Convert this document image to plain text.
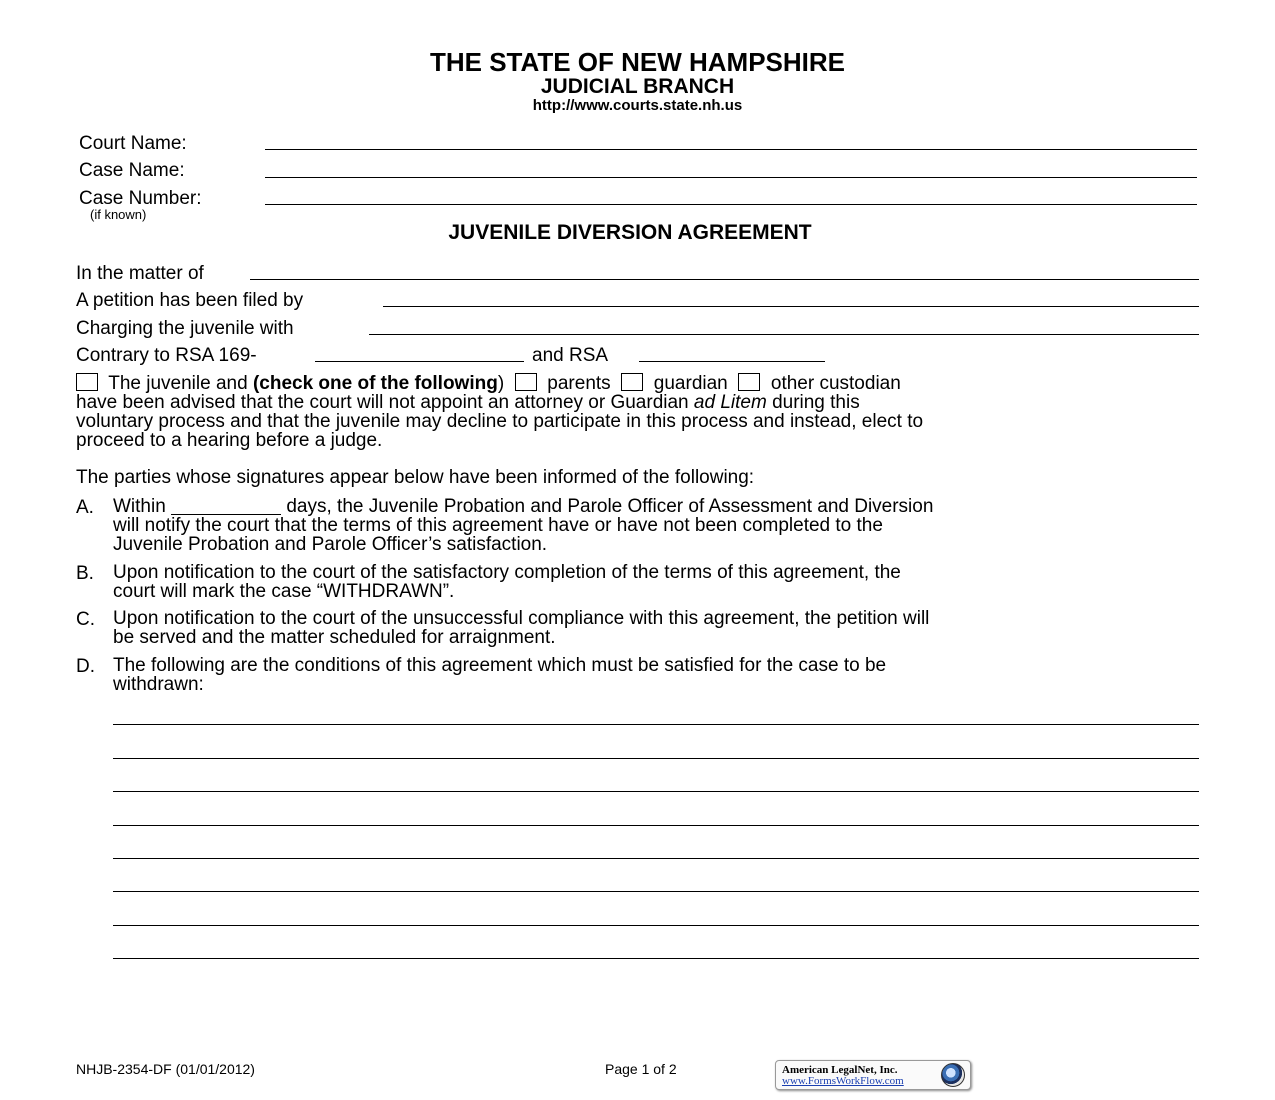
THE STATE OF NEW HAMPSHIRE
JUDICIAL BRANCH
http://www.courts.state.nh.us
Court Name:
Case Name:
Case Number:
(if known)
JUVENILE DIVERSION AGREEMENT
In the matter of
A petition has been filed by
Charging the juvenile with
Contrary to RSA 169-	and RSA
The juvenile and (check one of the following) parents guardian other custodian
have been advised that the court will not appoint an attorney or Guardian ad Litem during this
voluntary process and that the juvenile may decline to participate in this process and instead, elect to
proceed to a hearing before a judge.
The parties whose signatures appear below have been informed of the following:
A. Within	days, the Juvenile Probation and Parole Officer of Assessment and Diversion
will notify the court that the terms of this agreement have or have not been completed to the
Juvenile Probation and Parole Officer’s satisfaction.
B. Upon notification to the court of the satisfactory completion of the terms of this agreement, the
court will mark the case “WITHDRAWN”.
C. Upon notification to the court of the unsuccessful compliance with this agreement, the petition will
be served and the matter scheduled for arraignment.
D. The following are the conditions of this agreement which must be satisfied for the case to be
withdrawn:
NHJB-2354-DF (01/01/2012)	Page 1 of 2	American LegalNet, Inc.
www.FormsWorkFlow.com
